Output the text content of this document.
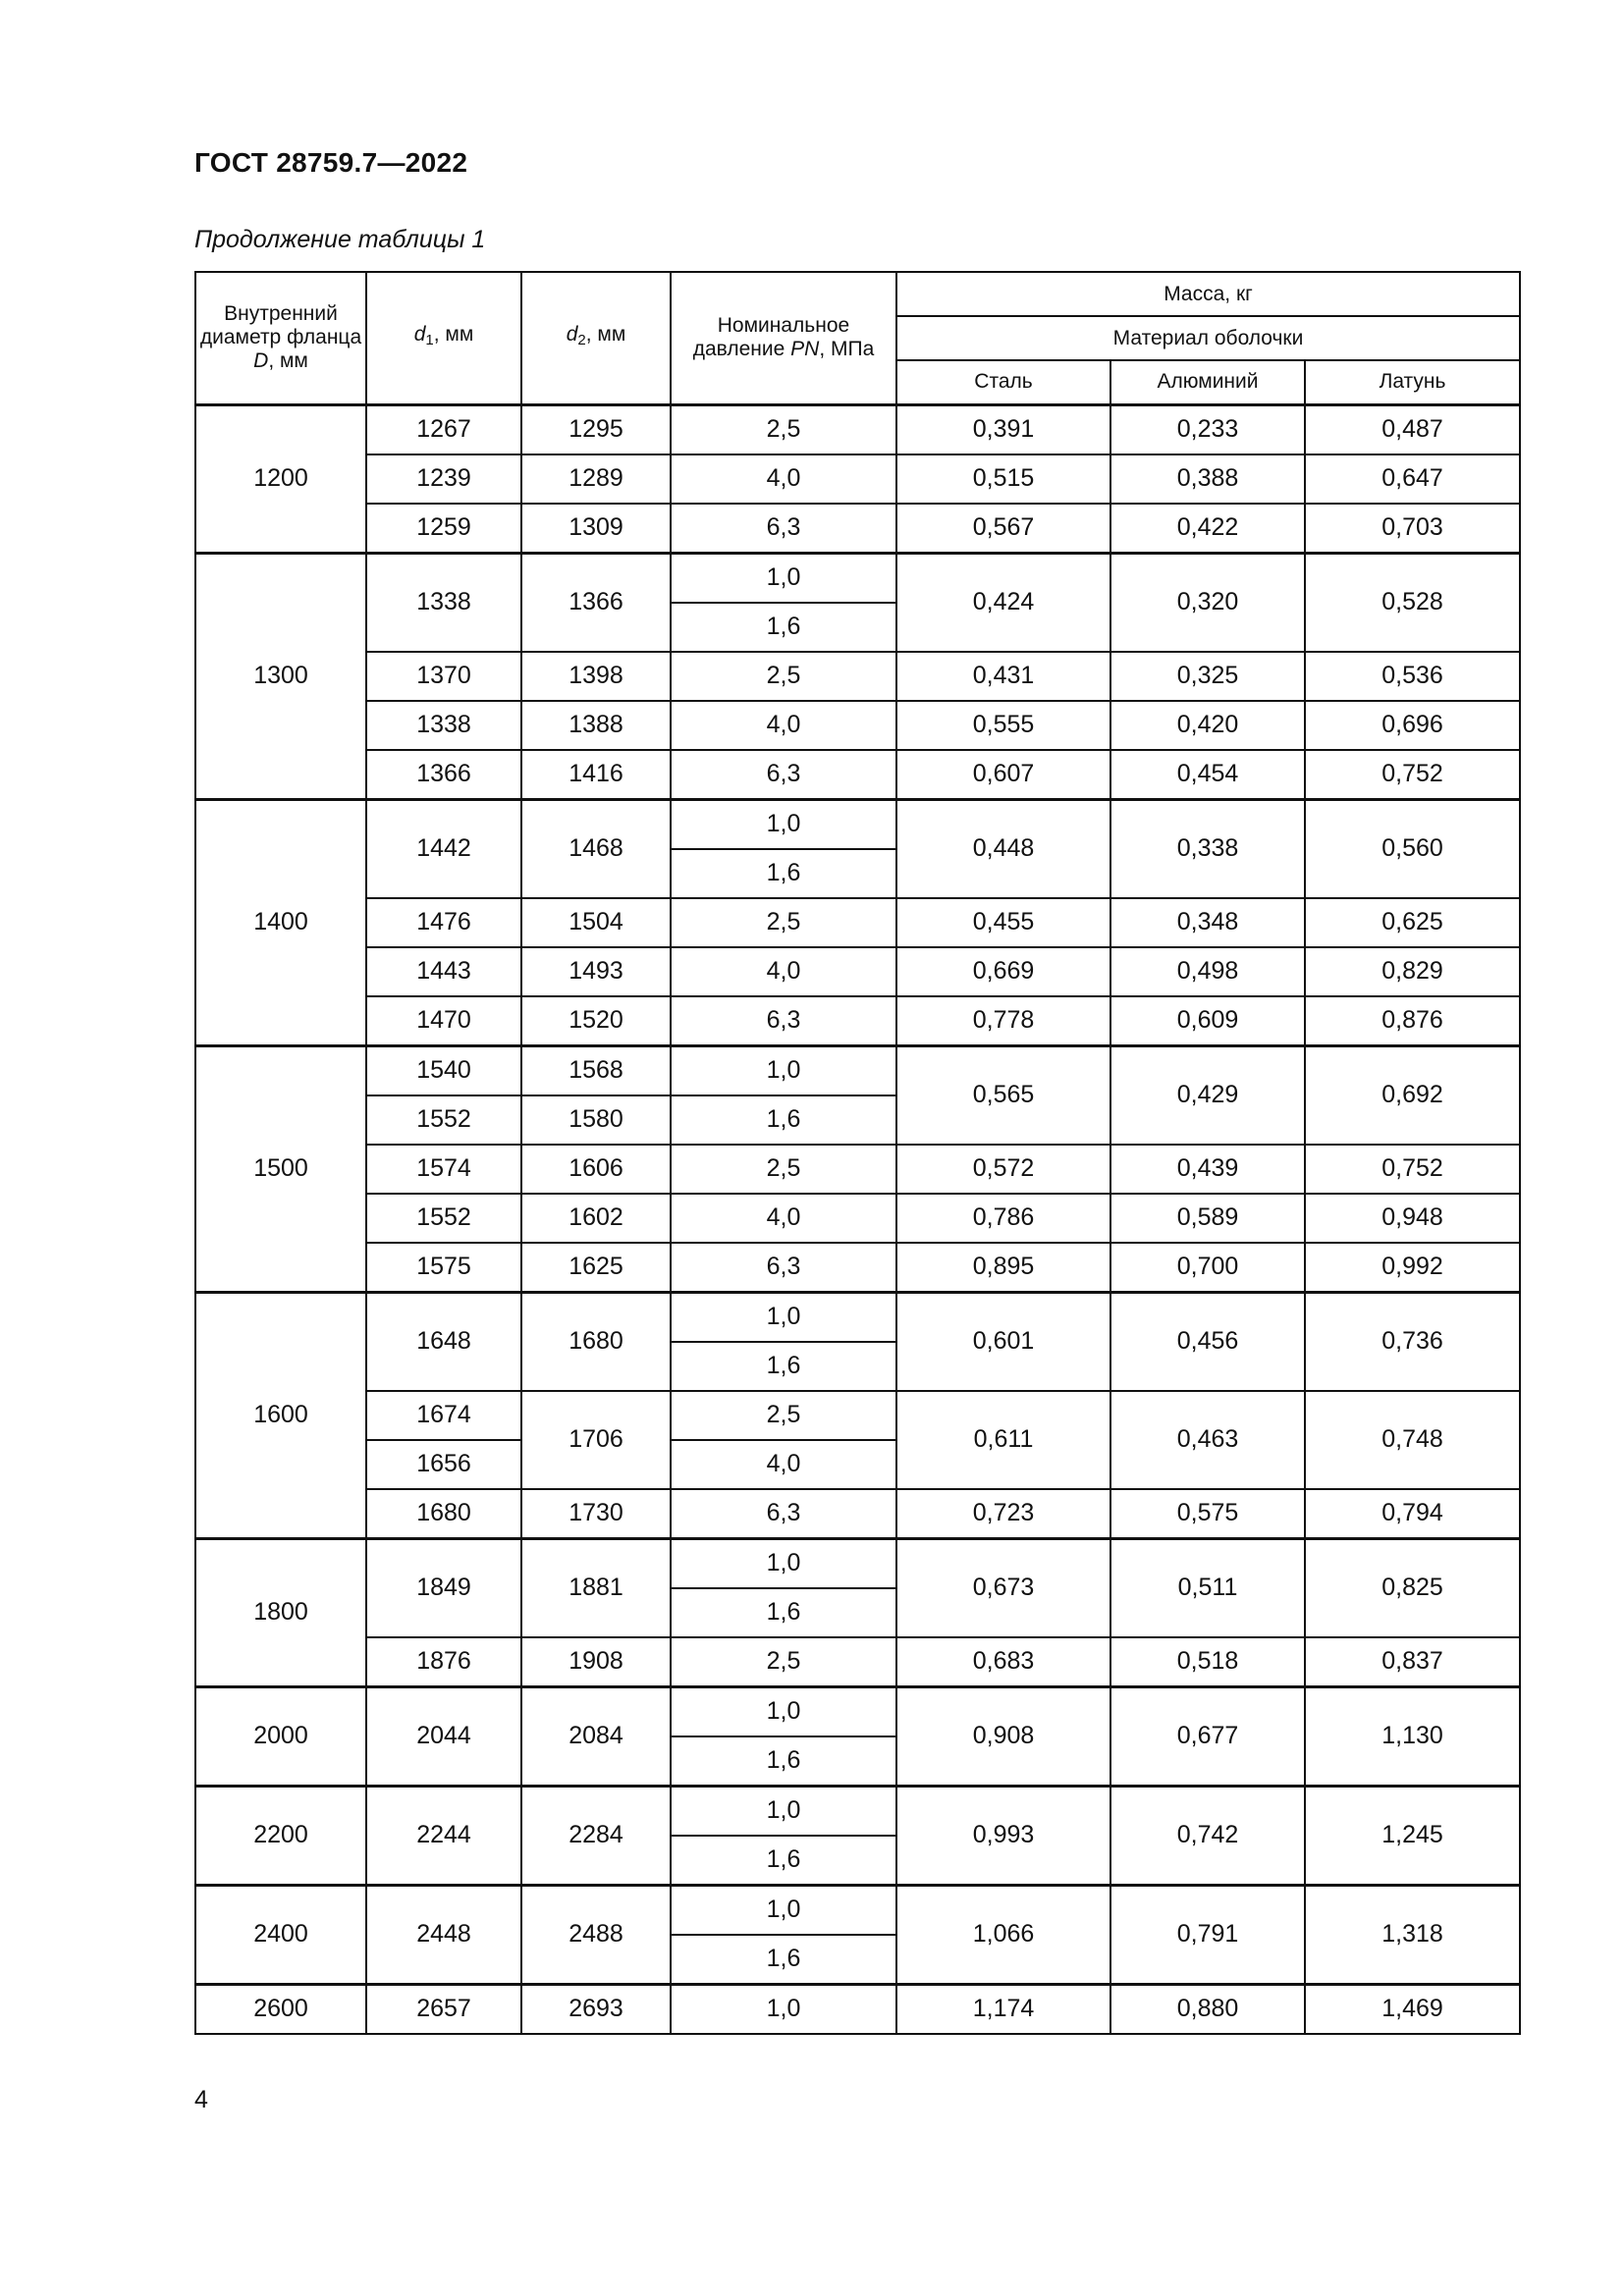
ГОСТ 28759.7—2022
Продолжение таблицы 1
Внутренний диаметр фланца D, мм	$d_1$, мм	$d_2$, мм	Номинальное давление PN, МПа	Масса, кг		
				Материал оболочки		
				Сталь	Алюминий	Латунь
1200	1267	1295	2,5	0,391	0,233	0,487
	1239	1289	4,0	0,515	0,388	0,647
	1259	1309	6,3	0,567	0,422	0,703
1300	1338	1366	1,0	0,424	0,320	0,528
			1,6			
	1370	1398	2,5	0,431	0,325	0,536
	1338	1388	4,0	0,555	0,420	0,696
	1366	1416	6,3	0,607	0,454	0,752
1400	1442	1468	1,0	0,448	0,338	0,560
			1,6			
	1476	1504	2,5	0,455	0,348	0,625
	1443	1493	4,0	0,669	0,498	0,829
	1470	1520	6,3	0,778	0,609	0,876
1500	1540	1568	1,0	0,565	0,429	0,692
	1552	1580	1,6			
	1574	1606	2,5	0,572	0,439	0,752
	1552	1602	4,0	0,786	0,589	0,948
	1575	1625	6,3	0,895	0,700	0,992
1600	1648	1680	1,0	0,601	0,456	0,736
			1,6			
	1674	1706	2,5	0,611	0,463	0,748
	1656		4,0			
	1680	1730	6,3	0,723	0,575	0,794
1800	1849	1881	1,0	0,673	0,511	0,825
			1,6			
	1876	1908	2,5	0,683	0,518	0,837
2000	2044	2084	1,0	0,908	0,677	1,130
			1,6			
2200	2244	2284	1,0	0,993	0,742	1,245
			1,6			
2400	2448	2488	1,0	1,066	0,791	1,318
			1,6			
2600	2657	2693	1,0	1,174	0,880	1,469
4
